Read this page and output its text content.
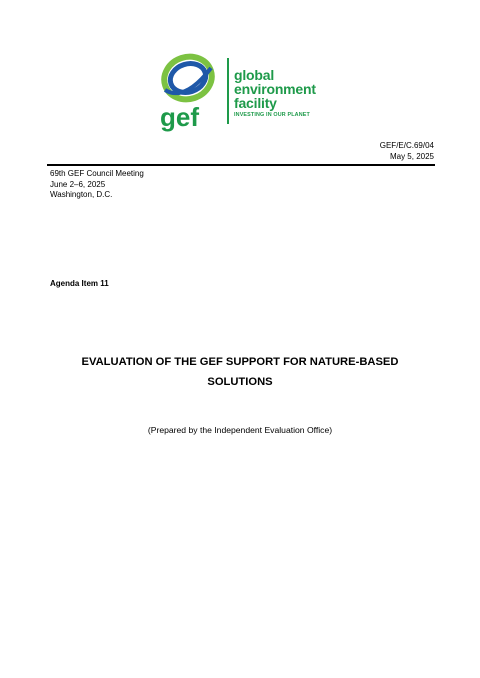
gef
global
environment
facility
INVESTING IN OUR PLANET
GEF/E/C.69/04
May 5, 2025
69th GEF Council Meeting
June 2–6, 2025
Washington, D.C.
Agenda Item 11
EVALUATION OF THE GEF SUPPORT FOR NATURE-BASED
SOLUTIONS
(Prepared by the Independent Evaluation Office)
